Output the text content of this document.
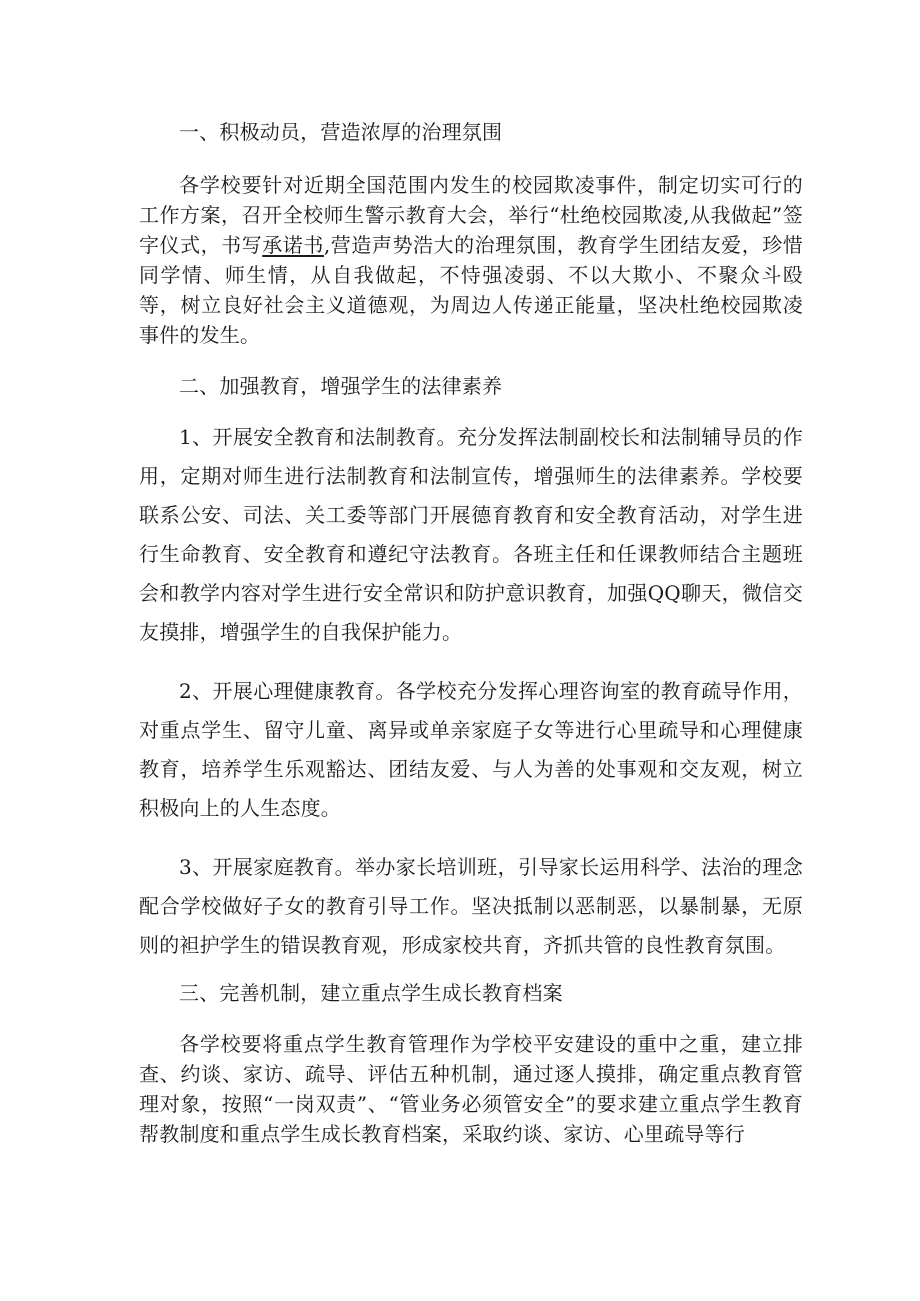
一、积极动员，营造浓厚的治理氛围

各学校要针对近期全国范围内发生的校园欺凌事件，制定切实可行的工作方案，召开全校师生警示教育大会，举行“杜绝校园欺凌,从我做起”签字仪式，书写承诺书,营造声势浩大的治理氛围，教育学生团结友爱，珍惜同学情、师生情，从自我做起，不恃强凌弱、不以大欺小、不聚众斗殴等，树立良好社会主义道德观，为周边人传递正能量，坚决杜绝校园欺凌事件的发生。

二、加强教育，增强学生的法律素养

1、开展安全教育和法制教育。充分发挥法制副校长和法制辅导员的作用，定期对师生进行法制教育和法制宣传，增强师生的法律素养。学校要联系公安、司法、关工委等部门开展德育教育和安全教育活动，对学生进行生命教育、安全教育和遵纪守法教育。各班主任和任课教师结合主题班会和教学内容对学生进行安全常识和防护意识教育，加强QQ聊天，微信交友摸排，增强学生的自我保护能力。

2、开展心理健康教育。各学校充分发挥心理咨询室的教育疏导作用，对重点学生、留守儿童、离异或单亲家庭子女等进行心里疏导和心理健康教育，培养学生乐观豁达、团结友爱、与人为善的处事观和交友观，树立积极向上的人生态度。

3、开展家庭教育。举办家长培训班，引导家长运用科学、法治的理念配合学校做好子女的教育引导工作。坚决抵制以恶制恶，以暴制暴，无原则的袒护学生的错误教育观，形成家校共育，齐抓共管的良性教育氛围。

三、完善机制，建立重点学生成长教育档案

各学校要将重点学生教育管理作为学校平安建设的重中之重，建立排查、约谈、家访、疏导、评估五种机制，通过逐人摸排，确定重点教育管理对象，按照“一岗双责”、“管业务必须管安全”的要求建立重点学生教育帮教制度和重点学生成长教育档案，采取约谈、家访、心里疏导等行
